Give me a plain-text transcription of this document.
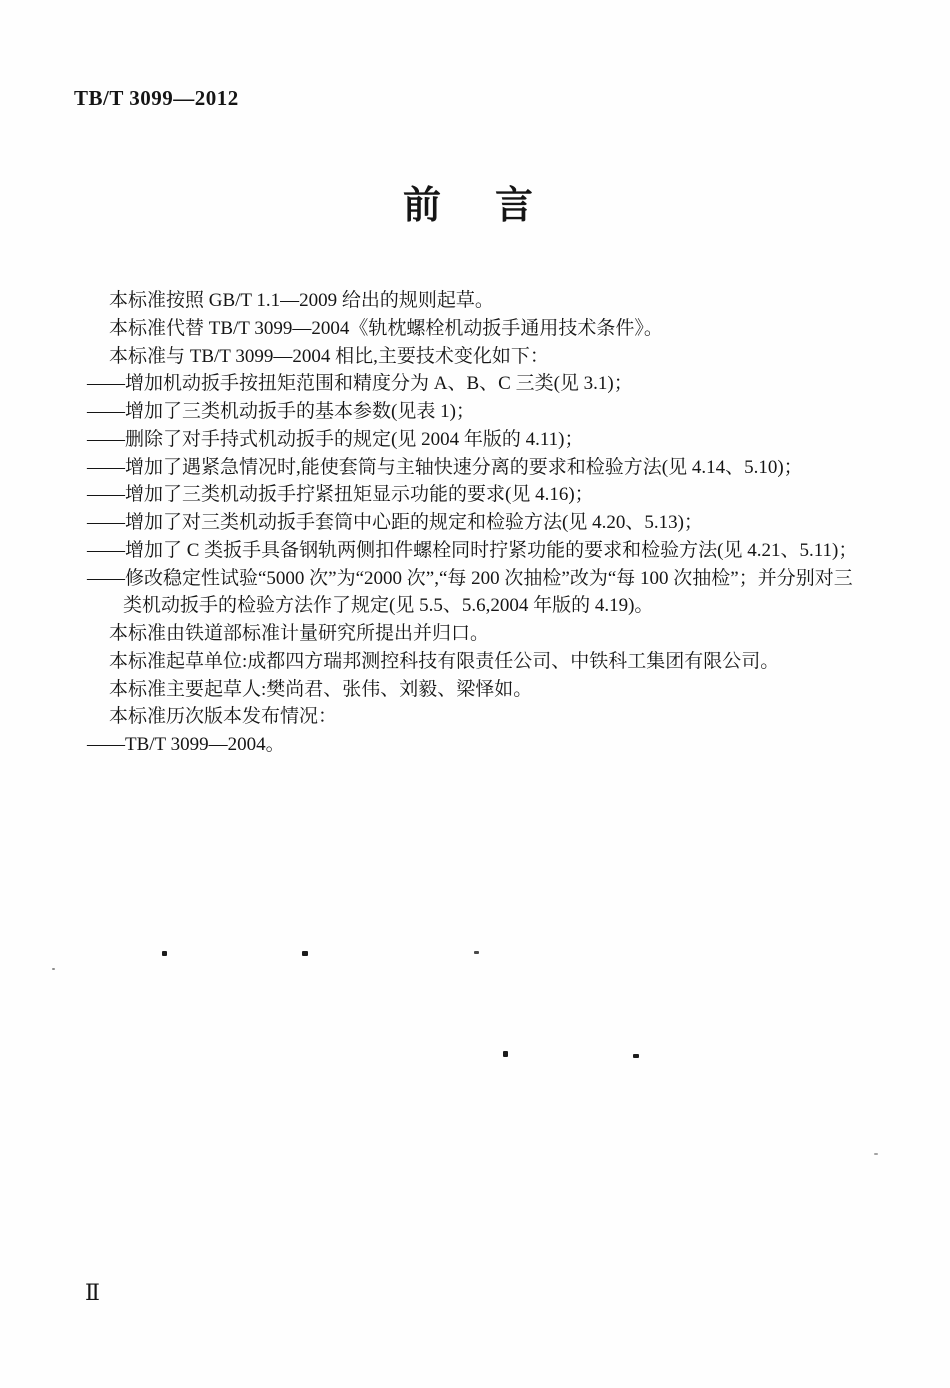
TB/T 3099—2012
前 言
本标准按照 GB/T 1.1—2009 给出的规则起草。
本标准代替 TB/T 3099—2004《轨枕螺栓机动扳手通用技术条件》。
本标准与 TB/T 3099—2004 相比,主要技术变化如下：
——增加机动扳手按扭矩范围和精度分为 A、B、C 三类(见 3.1)；
——增加了三类机动扳手的基本参数(见表 1)；
——删除了对手持式机动扳手的规定(见 2004 年版的 4.11)；
——增加了遇紧急情况时,能使套筒与主轴快速分离的要求和检验方法(见 4.14、5.10)；
——增加了三类机动扳手拧紧扭矩显示功能的要求(见 4.16)；
——增加了对三类机动扳手套筒中心距的规定和检验方法(见 4.20、5.13)；
——增加了 C 类扳手具备钢轨两侧扣件螺栓同时拧紧功能的要求和检验方法(见 4.21、5.11)；
——修改稳定性试验“5000 次”为“2000 次”,“每 200 次抽检”改为“每 100 次抽检”；并分别对三
类机动扳手的检验方法作了规定(见 5.5、5.6,2004 年版的 4.19)。
本标准由铁道部标准计量研究所提出并归口。
本标准起草单位:成都四方瑞邦测控科技有限责任公司、中铁科工集团有限公司。
本标准主要起草人:樊尚君、张伟、刘毅、梁怿如。
本标准历次版本发布情况：
——TB/T 3099—2004。
Ⅱ
